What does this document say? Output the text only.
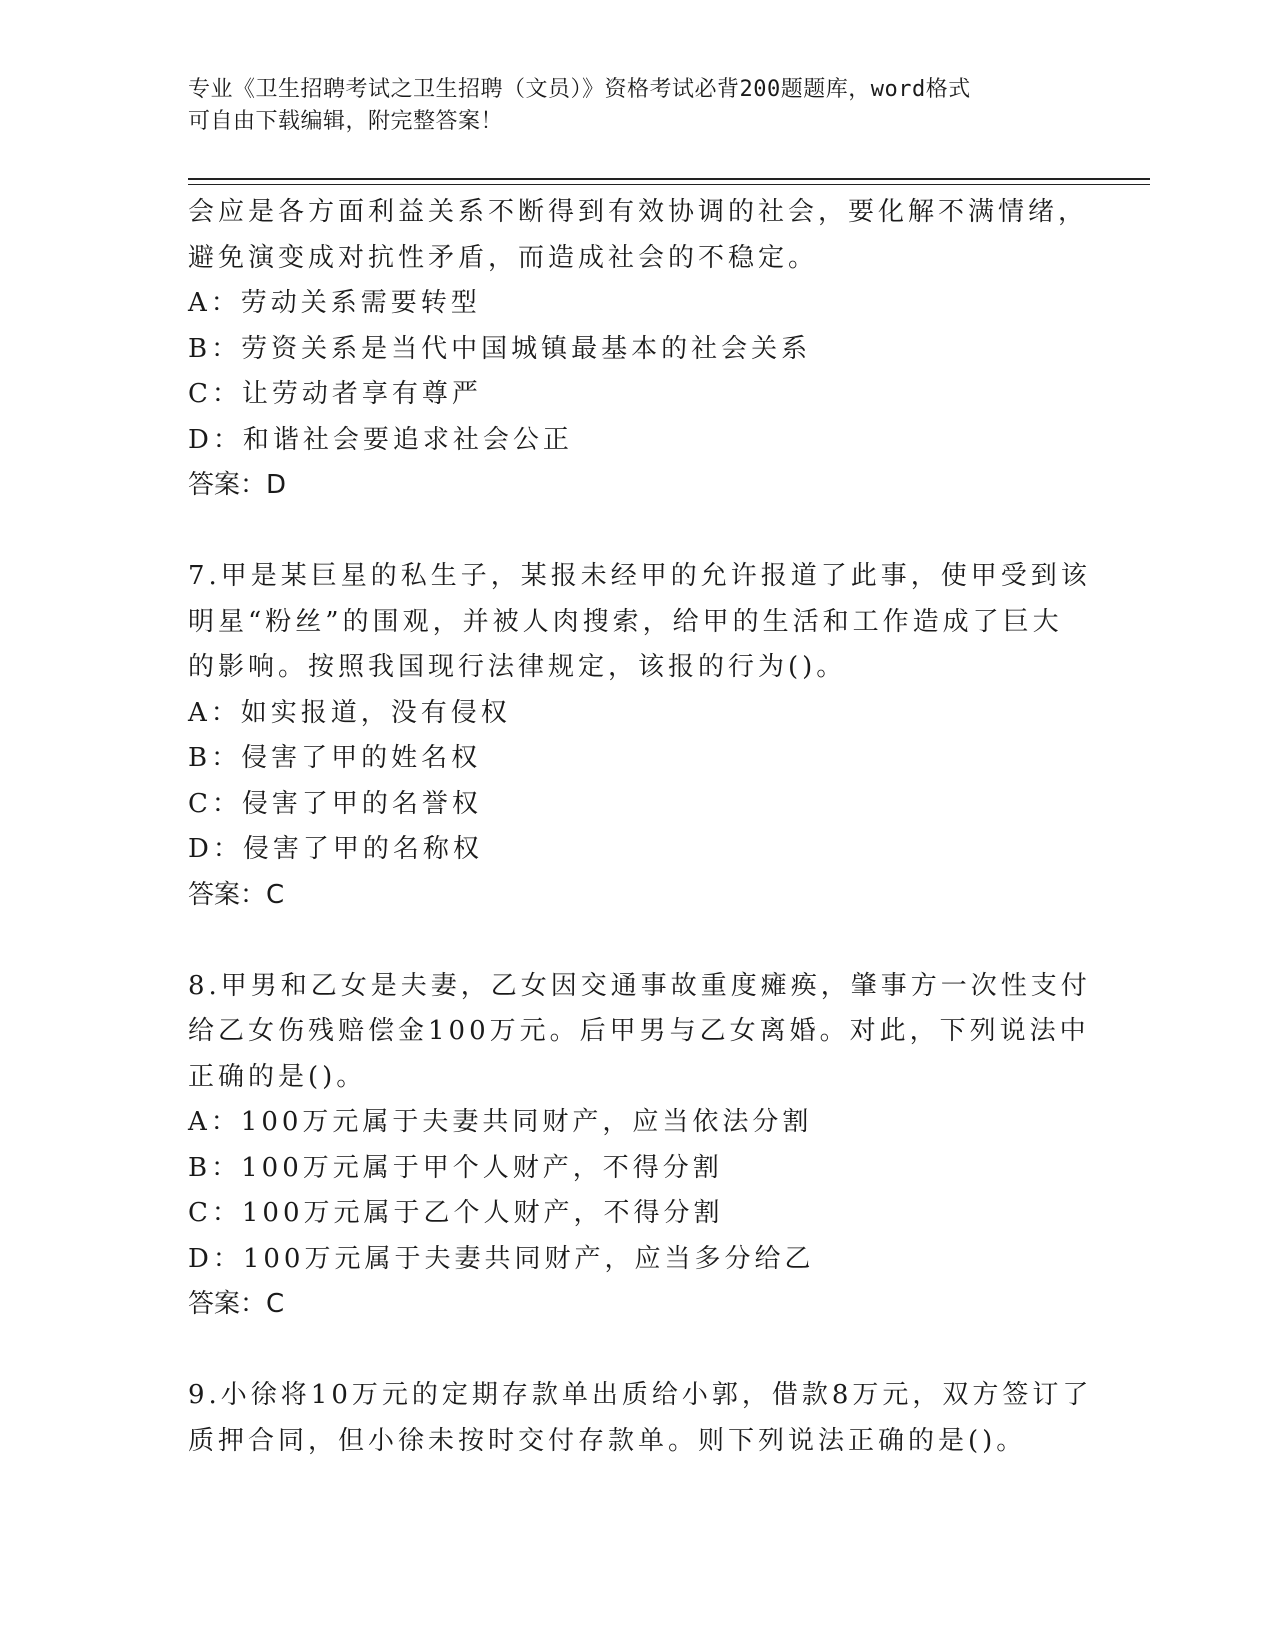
专业《卫生招聘考试之卫生招聘（文员）》资格考试必背200题题库，word格式
可自由下载编辑，附完整答案！
会应是各方面利益关系不断得到有效协调的社会，要化解不满情绪，
避免演变成对抗性矛盾，而造成社会的不稳定。
A：劳动关系需要转型
B：劳资关系是当代中国城镇最基本的社会关系
C：让劳动者享有尊严
D：和谐社会要追求社会公正
答案：D
7.甲是某巨星的私生子，某报未经甲的允许报道了此事，使甲受到该
明星“粉丝”的围观，并被人肉搜索，给甲的生活和工作造成了巨大
的影响。按照我国现行法律规定，该报的行为()。
A：如实报道，没有侵权
B：侵害了甲的姓名权
C：侵害了甲的名誉权
D：侵害了甲的名称权
答案：C
8.甲男和乙女是夫妻，乙女因交通事故重度瘫痪，肇事方一次性支付
给乙女伤残赔偿金100万元。后甲男与乙女离婚。对此，下列说法中
正确的是()。
A：100万元属于夫妻共同财产，应当依法分割
B：100万元属于甲个人财产，不得分割
C：100万元属于乙个人财产，不得分割
D：100万元属于夫妻共同财产，应当多分给乙
答案：C
9.小徐将10万元的定期存款单出质给小郭，借款8万元，双方签订了
质押合同，但小徐未按时交付存款单。则下列说法正确的是()。
